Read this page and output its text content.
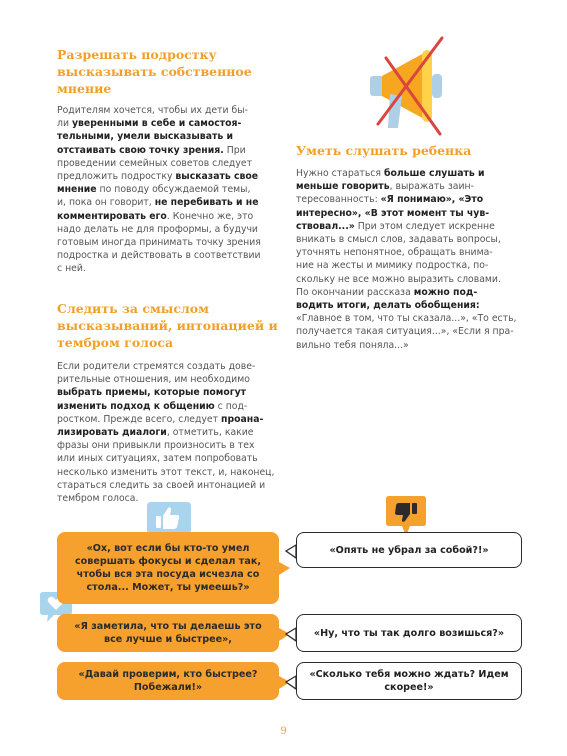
Разрешать подростку
высказывать собственное
мнение
Родителям хочется, чтобы их дети бы-
ли уверенными в себе и самостоя-
тельными, умели высказывать и
отстаивать свою точку зрения. При
проведении семейных советов следует
предложить подростку высказать свое
мнение по поводу обсуждаемой темы,
и, пока он говорит, не перебивать и не
комментировать его. Конечно же, это
надо делать не для проформы, а будучи
готовым иногда принимать точку зрения
подростка и действовать в соответствии
с ней.
Следить за смыслом
высказываний, интонацией и
тембром голоса
Если родители стремятся создать дове-
рительные отношения, им необходимо
выбрать приемы, которые помогут
изменить подход к общению с под-
ростком. Прежде всего, следует проана-
лизировать диалоги, отметить, какие
фразы они привыкли произносить в тех
или иных ситуациях, затем попробовать
несколько изменить этот текст, и, наконец,
стараться следить за своей интонацией и
тембром голоса.
Уметь слушать ребенка
Нужно стараться больше слушать и
меньше говорить, выражать заин-
тересованность: «Я понимаю», «Это
интересно», «В этот момент ты чув-
ствовал...» При этом следует искренне
вникать в смысл слов, задавать вопросы,
уточнять непонятное, обращать внима-
ние на жесты и мимику подростка, по-
скольку не все можно выразить словами.
По окончании рассказа можно под-
водить итоги, делать обобщения:
«Главное в том, что ты сказала...», «То есть,
получается такая ситуация...», «Если я пра-
вильно тебя поняла...»
«Ох, вот если бы кто-то умел совершать фокусы и сделал так, чтобы вся эта посуда исчезла со стола... Может, ты умеешь?»
«Я заметила, что ты делаешь это все лучше и быстрее»,
«Давай проверим, кто быстрее? Побежали!»
«Опять не убрал за собой?!»
«Ну, что ты так долго возишься?»
«Сколько тебя можно ждать? Идем скорее!»
9
